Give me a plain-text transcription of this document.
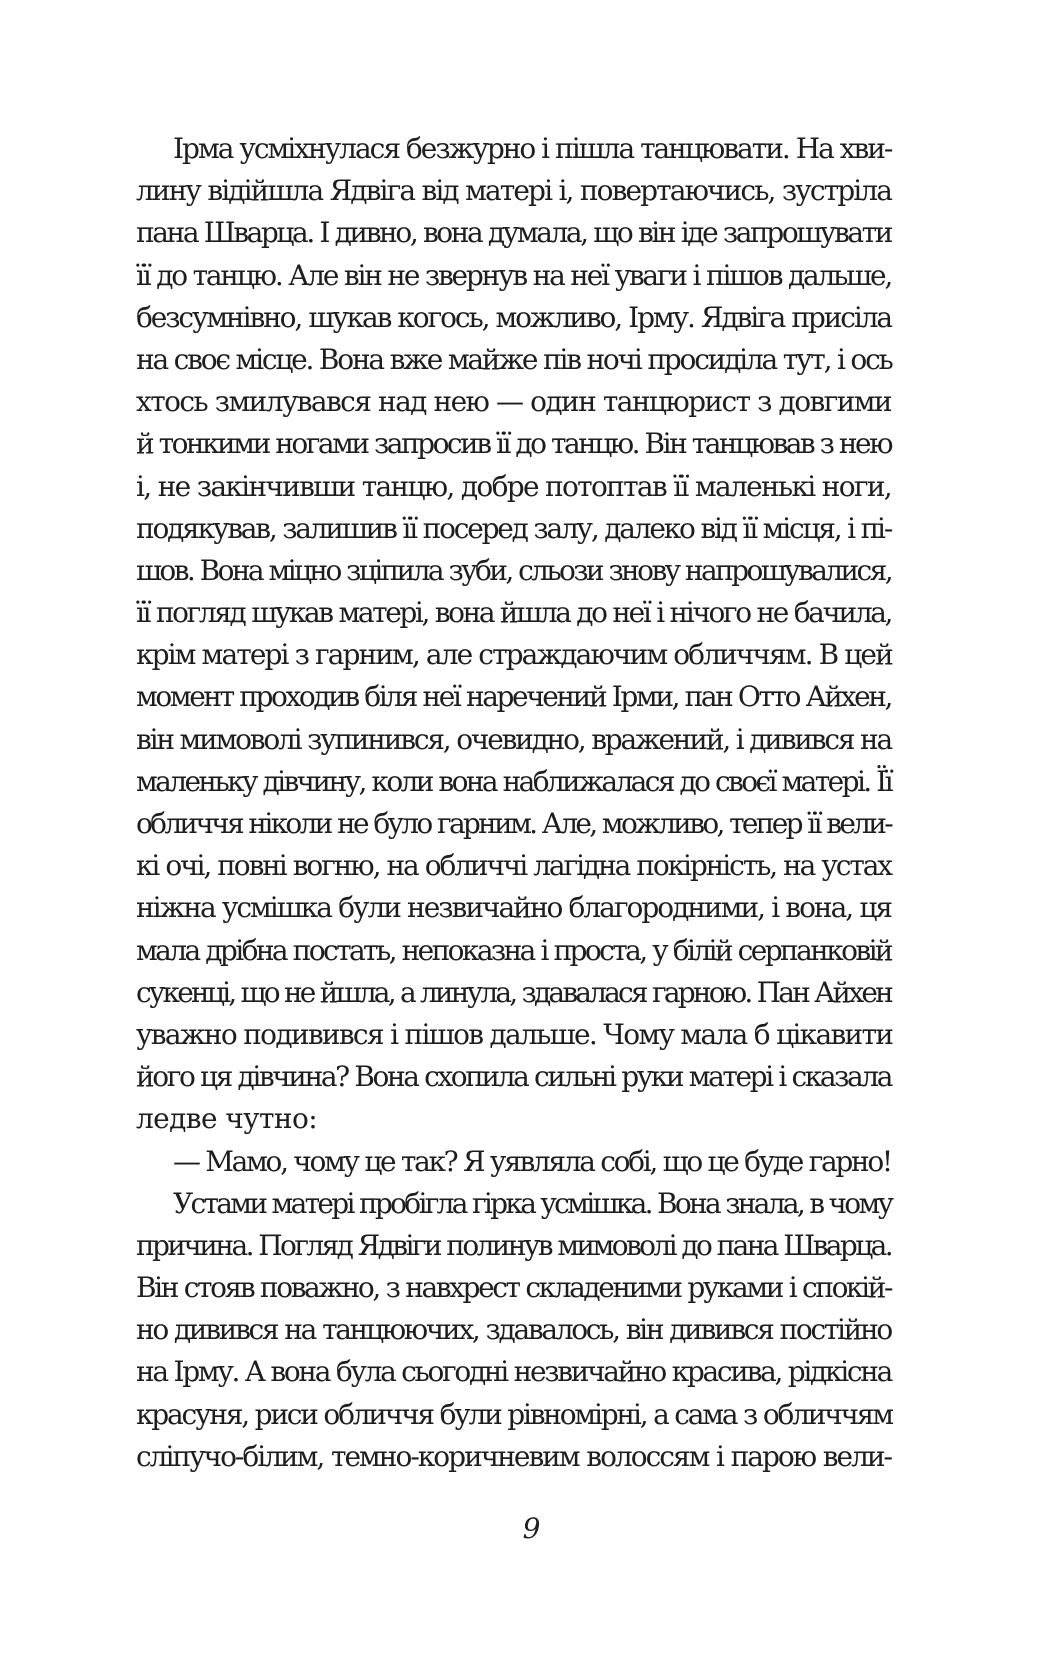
Ірма усміхнулася безжурно і пішла танцювати. На хви-
лину відійшла Ядвіга від матері і, повертаючись, зустріла
пана Шварца. І дивно, вона думала, що він іде запрошувати
її до танцю. Але він не звернув на неї уваги і пішов дальше,
безсумнівно, шукав когось, можливо, Ірму. Ядвіга присіла
на своє місце. Вона вже майже пів ночі просиділа тут, і ось
хтось змилувався над нею — один танцюрист з довгими
й тонкими ногами запросив її до танцю. Він танцював з нею
і, не закінчивши танцю, добре потоптав її маленькі ноги,
подякував, залишив її посеред залу, далеко від її місця, і пі-
шов. Вона міцно зціпила зуби, сльози знову напрошувалися,
її погляд шукав матері, вона йшла до неї і нічого не бачила,
крім матері з гарним, але страждаючим обличчям. В цей
момент проходив біля неї наречений Ірми, пан Отто Айхен,
він мимоволі зупинився, очевидно, вражений, і дивився на
маленьку дівчину, коли вона наближалася до своєї матері. Її
обличчя ніколи не було гарним. Але, можливо, тепер її вели-
кі очі, повні вогню, на обличчі лагідна покірність, на устах
ніжна усмішка були незвичайно благородними, і вона, ця
мала дрібна постать, непоказна і проста, у білій серпанковій
сукенці, що не йшла, а линула, здавалася гарною. Пан Айхен
уважно подивився і пішов дальше. Чому мала б цікавити
його ця дівчина? Вона схопила сильні руки матері і сказала
ледве чутно:
— Мамо, чому це так? Я уявляла собі, що це буде гарно!
Устами матері пробігла гірка усмішка. Вона знала, в чому
причина. Погляд Ядвіги полинув мимоволі до пана Шварца.
Він стояв поважно, з навхрест складеними руками і спокій-
но дивився на танцюючих, здавалось, він дивився постійно
на Ірму. А вона була сьогодні незвичайно красива, рідкісна
красуня, риси обличчя були рівномірні, а сама з обличчям
сліпучо-білим, темно-коричневим волоссям і парою вели-
9
